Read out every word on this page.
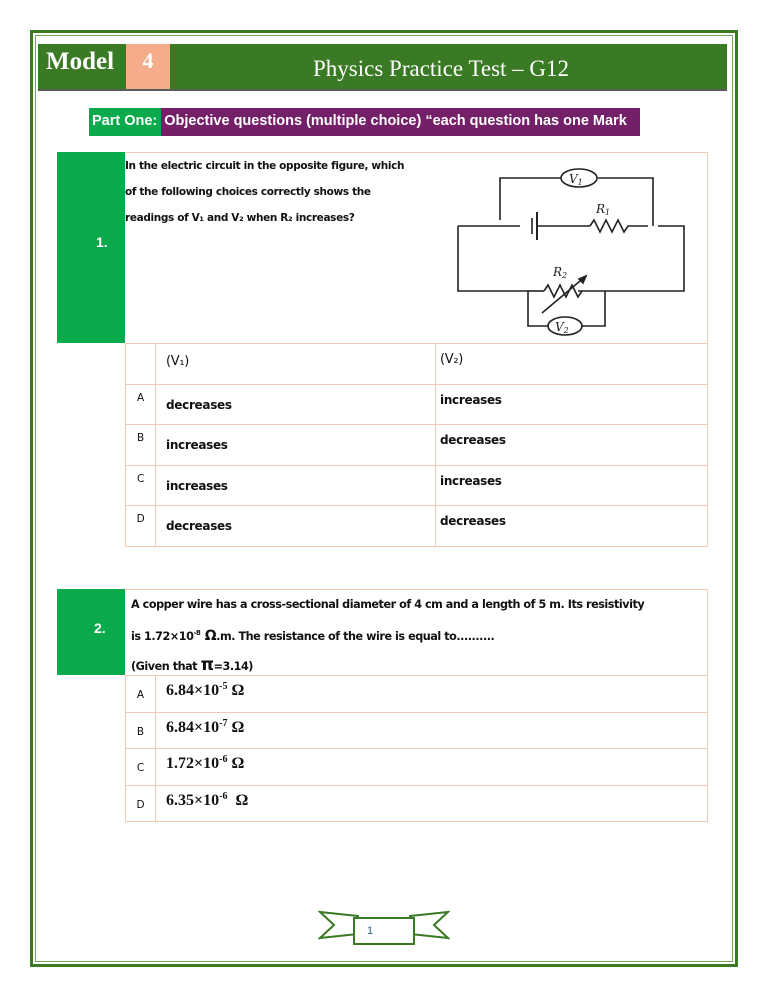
Model	4	Physics Practice Test – G12
Part One: Objective questions (multiple choice) “each question has one Mark
1.
In the electric circuit in the opposite figure, which
of the following choices correctly shows the
readings of V₁ and V₂ when R₂ increases?
V1
R1
R2
V2
	(V₁)	(V₂)
A	decreases	increases
B	increases	decreases
C	increases	increases
D	decreases	decreases
2.
A copper wire has a cross-sectional diameter of 4 cm and a length of 5 m. Its resistivity
is $1.72\times 10^{-8}$ Ω.m. The resistance of the wire is equal to..........
(Given that π=3.14)
A	$6.84\times 10^{-5}$ Ω
B	$6.84\times 10^{-7}$ Ω
C	$1.72\times 10^{-6}$ Ω
D	$6.35\times 10^{-6}$  Ω
1
